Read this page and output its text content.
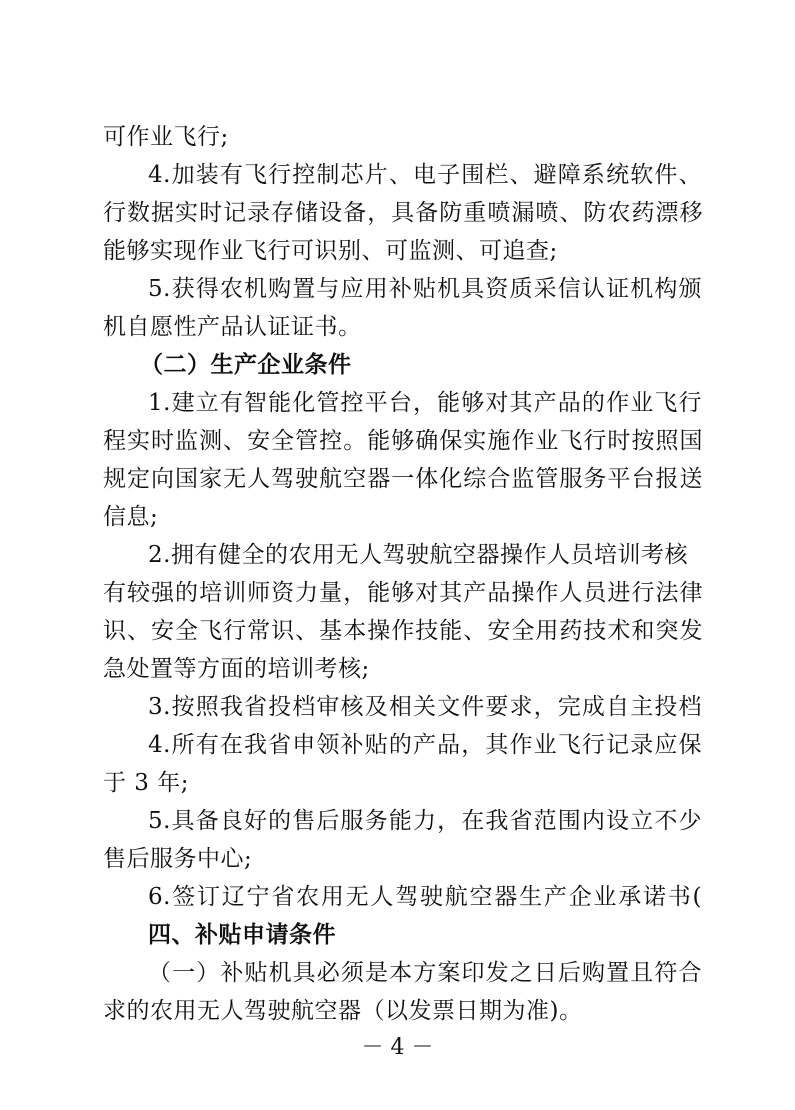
可作业飞行;
4.加装有飞行控制芯片、电子围栏、避障系统软件、
行数据实时记录存储设备，具备防重喷漏喷、防农药漂移
能够实现作业飞行可识别、可监测、可追查;
5.获得农机购置与应用补贴机具资质采信认证机构颁
机自愿性产品认证证书。
（二）生产企业条件
1.建立有智能化管控平台，能够对其产品的作业飞行
程实时监测、安全管控。能够确保实施作业飞行时按照国
规定向国家无人驾驶航空器一体化综合监管服务平台报送
信息;
2.拥有健全的农用无人驾驶航空器操作人员培训考核
有较强的培训师资力量，能够对其产品操作人员进行法律
识、安全飞行常识、基本操作技能、安全用药技术和突发
急处置等方面的培训考核;
3.按照我省投档审核及相关文件要求，完成自主投档
4.所有在我省申领补贴的产品，其作业飞行记录应保
于 3 年;
5.具备良好的售后服务能力，在我省范围内设立不少
售后服务中心;
6.签订辽宁省农用无人驾驶航空器生产企业承诺书(
四、补贴申请条件
（一）补贴机具必须是本方案印发之日后购置且符合
求的农用无人驾驶航空器（以发票日期为准)。
－ 4 －
